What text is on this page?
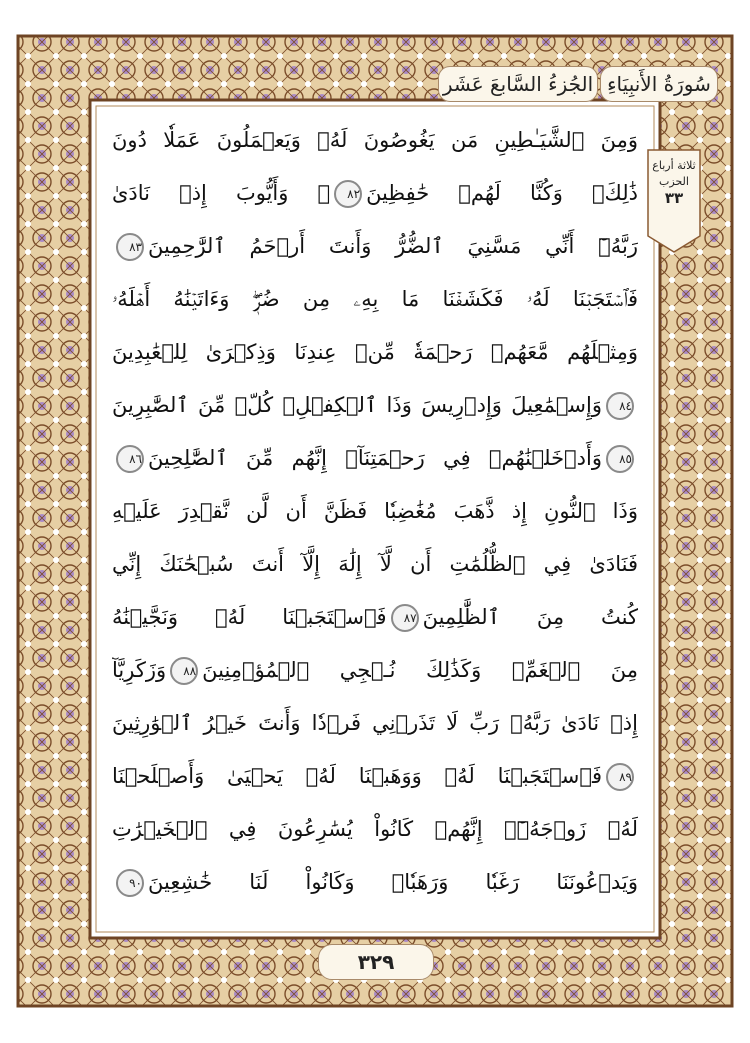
الجُزءُ السَّابعَ عَشَر سُورَةُ الأَنبِيَاءِ
ثلاثة أرباع
الحزب
٣٣
وَمِنَ ٱلشَّيَـٰطِينِ مَن يَغُوصُونَ لَهُۥ وَيَعۡمَلُونَ عَمَلٗا دُونَ
ذَٰلِكَۖ وَكُنَّا لَهُمۡ حَٰفِظِينَ٨٢۞ وَأَيُّوبَ إِذۡ نَادَىٰ
رَبَّهُۥٓ أَنِّي مَسَّنِيَ ٱلضُّرُّ وَأَنتَ أَرۡحَمُ ٱلرَّٰحِمِينَ٨٣
فَٱسۡتَجَبۡنَا لَهُۥ فَكَشَفۡنَا مَا بِهِۦ مِن ضُرّٖۖ وَءَاتَيۡنَٰهُ أَهۡلَهُۥ
وَمِثۡلَهُم مَّعَهُمۡ رَحۡمَةٗ مِّنۡ عِندِنَا وَذِكۡرَىٰ لِلۡعَٰبِدِينَ
٨٤وَإِسۡمَٰعِيلَ وَإِدۡرِيسَ وَذَا ٱلۡكِفۡلِۖ كُلّٞ مِّنَ ٱلصَّٰبِرِينَ
٨٥وَأَدۡخَلۡنَٰهُمۡ فِي رَحۡمَتِنَآۖ إِنَّهُم مِّنَ ٱلصَّٰلِحِينَ٨٦
وَذَا ٱلنُّونِ إِذ ذَّهَبَ مُغَٰضِبٗا فَظَنَّ أَن لَّن نَّقۡدِرَ عَلَيۡهِ
فَنَادَىٰ فِي ٱلظُّلُمَٰتِ أَن لَّآ إِلَٰهَ إِلَّآ أَنتَ سُبۡحَٰنَكَ إِنِّي
كُنتُ مِنَ ٱلظَّٰلِمِينَ٨٧فَٱسۡتَجَبۡنَا لَهُۥ وَنَجَّيۡنَٰهُ
مِنَ ٱلۡغَمِّۚ وَكَذَٰلِكَ نُـۨجِي ٱلۡمُؤۡمِنِينَ٨٨وَزَكَرِيَّآ
إِذۡ نَادَىٰ رَبَّهُۥ رَبِّ لَا تَذَرۡنِي فَرۡدٗا وَأَنتَ خَيۡرُ ٱلۡوَٰرِثِينَ
٨٩فَٱسۡتَجَبۡنَا لَهُۥ وَوَهَبۡنَا لَهُۥ يَحۡيَىٰ وَأَصۡلَحۡنَا
لَهُۥ زَوۡجَهُۥٓۚ إِنَّهُمۡ كَانُواْ يُسَٰرِعُونَ فِي ٱلۡخَيۡرَٰتِ
وَيَدۡعُونَنَا رَغَبٗا وَرَهَبٗاۖ وَكَانُواْ لَنَا خَٰشِعِينَ٩٠
٣٢٩
